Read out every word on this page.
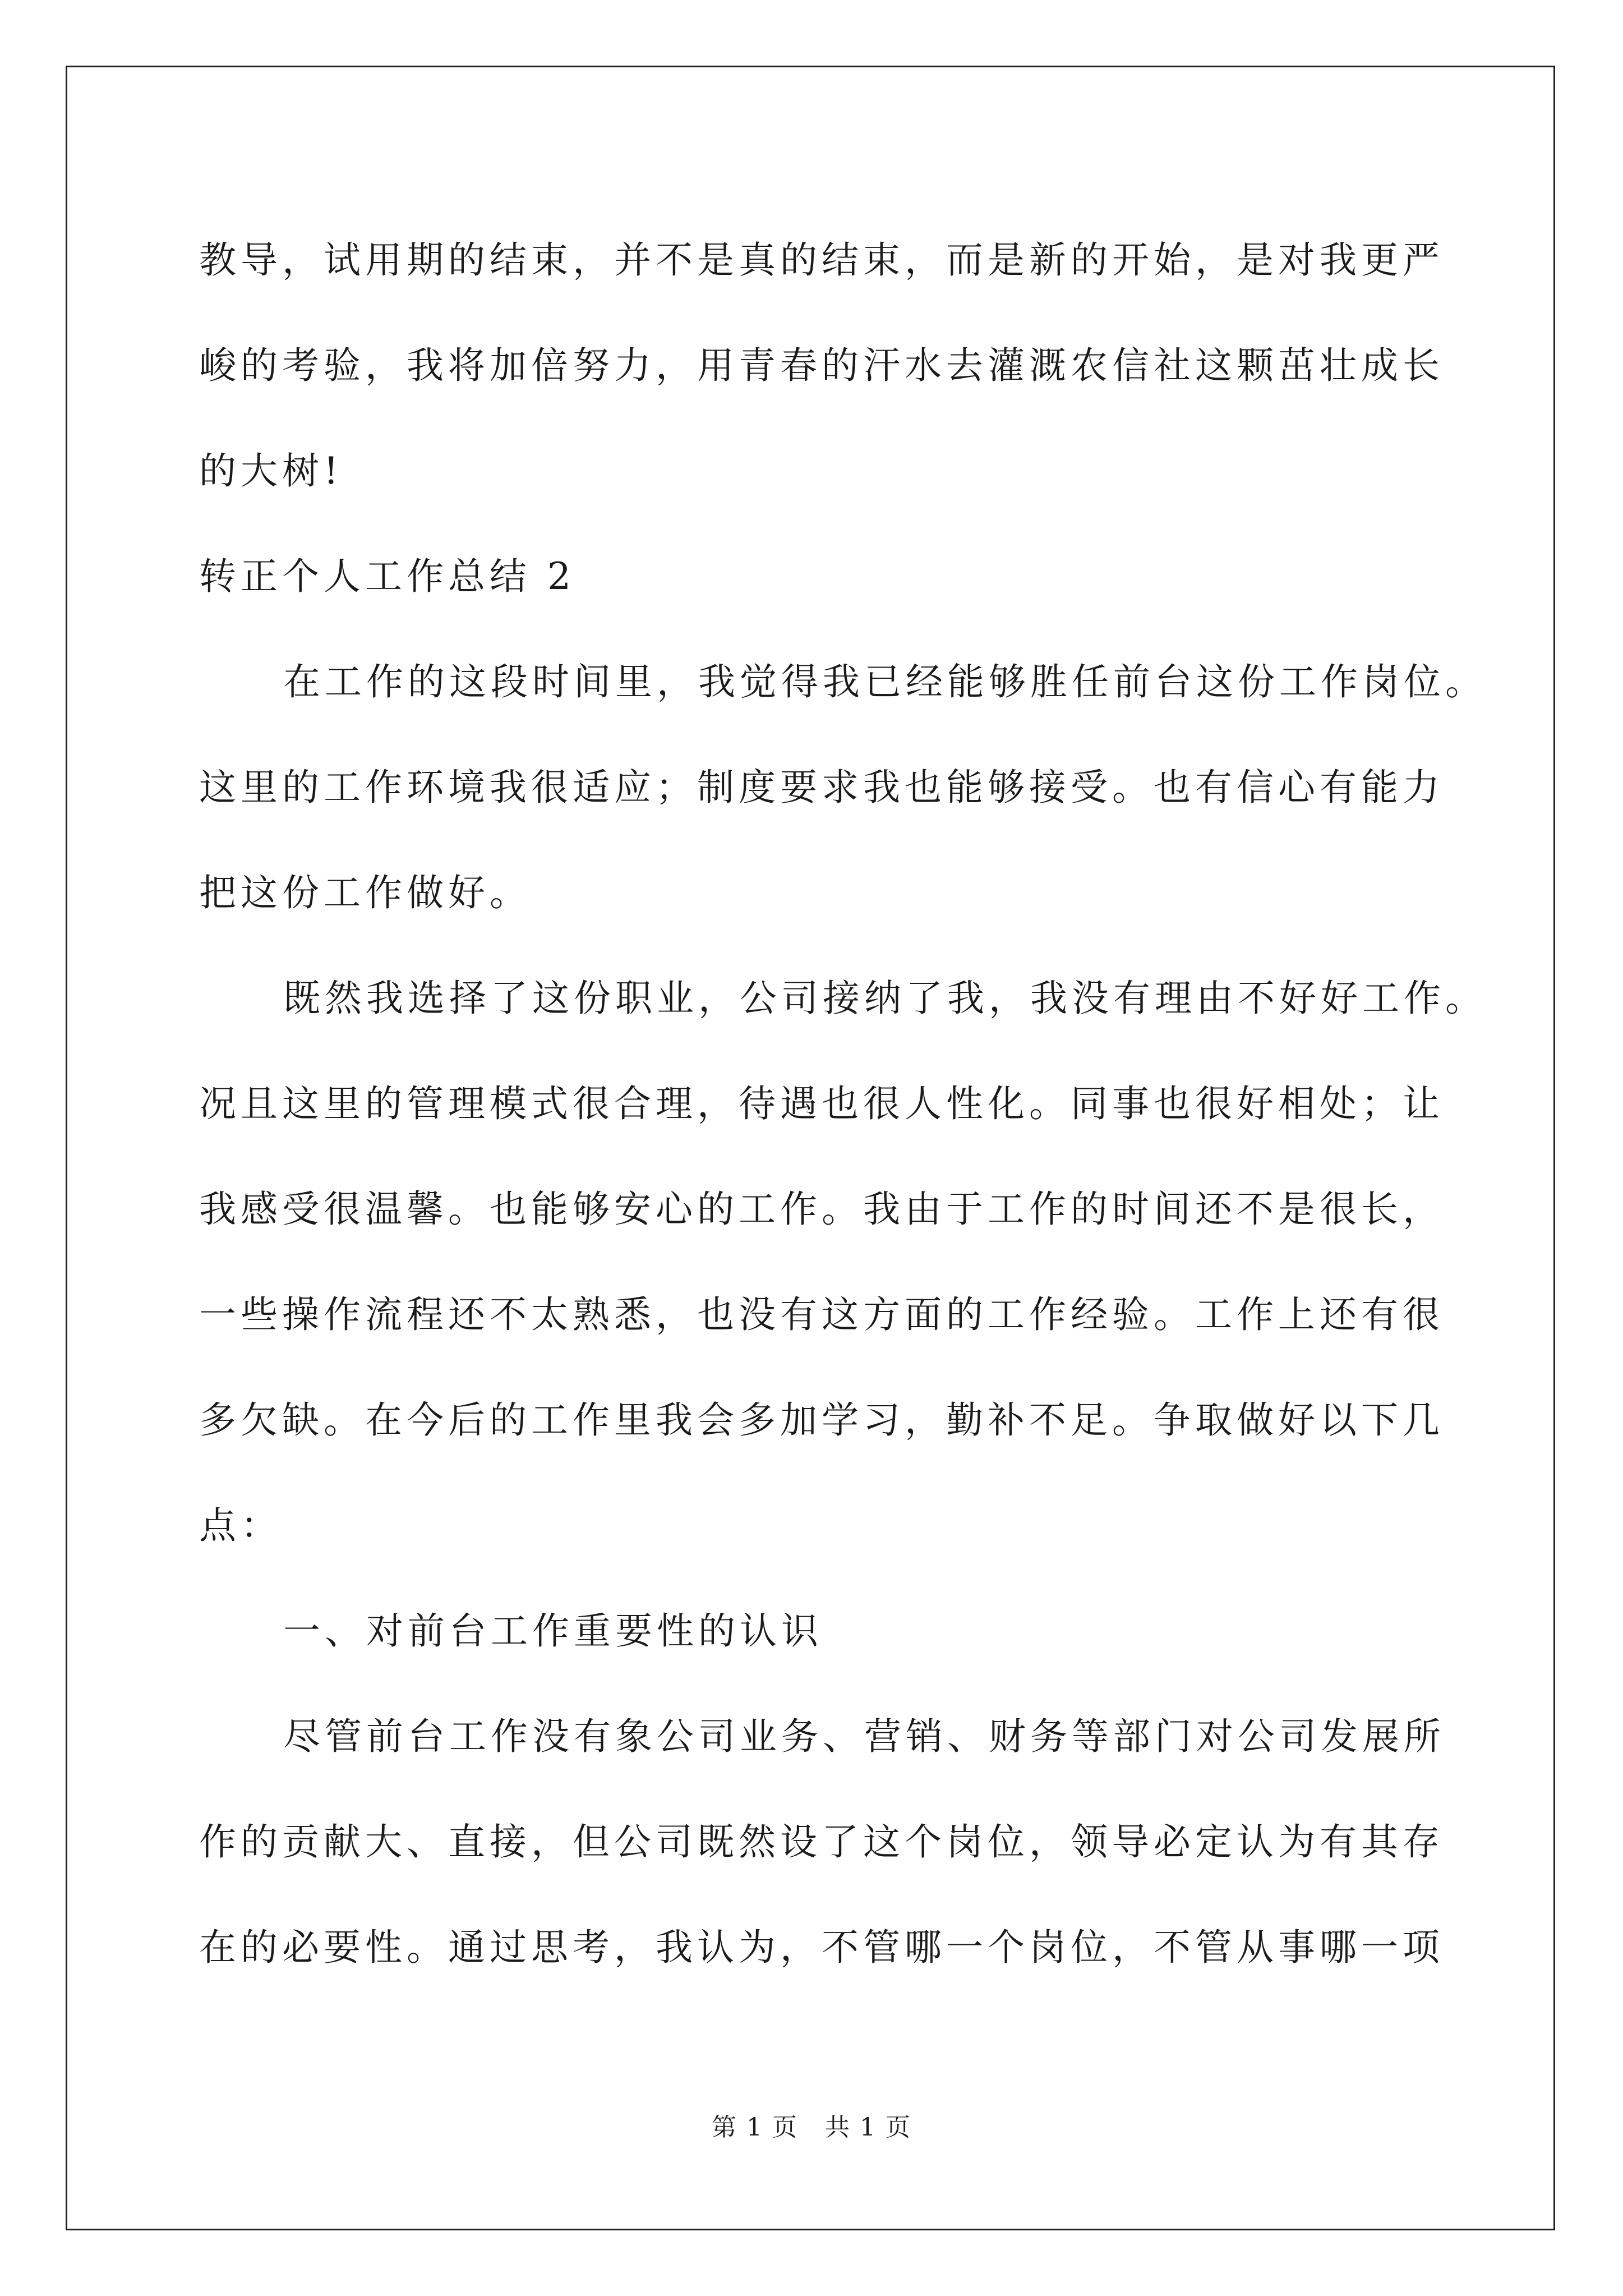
教导，试用期的结束，并不是真的结束，而是新的开始，是对我更严
峻的考验，我将加倍努力，用青春的汗水去灌溉农信社这颗茁壮成长
的大树!
转正个人工作总结 2
在工作的这段时间里，我觉得我已经能够胜任前台这份工作岗位。
这里的工作环境我很适应；制度要求我也能够接受。也有信心有能力
把这份工作做好。
既然我选择了这份职业，公司接纳了我，我没有理由不好好工作。
况且这里的管理模式很合理，待遇也很人性化。同事也很好相处；让
我感受很温馨。也能够安心的工作。我由于工作的时间还不是很长，
一些操作流程还不太熟悉，也没有这方面的工作经验。工作上还有很
多欠缺。在今后的工作里我会多加学习，勤补不足。争取做好以下几
点：
一、对前台工作重要性的认识
尽管前台工作没有象公司业务、营销、财务等部门对公司发展所
作的贡献大、直接，但公司既然设了这个岗位，领导必定认为有其存
在的必要性。通过思考，我认为，不管哪一个岗位，不管从事哪一项
第 1 页 共 1 页
